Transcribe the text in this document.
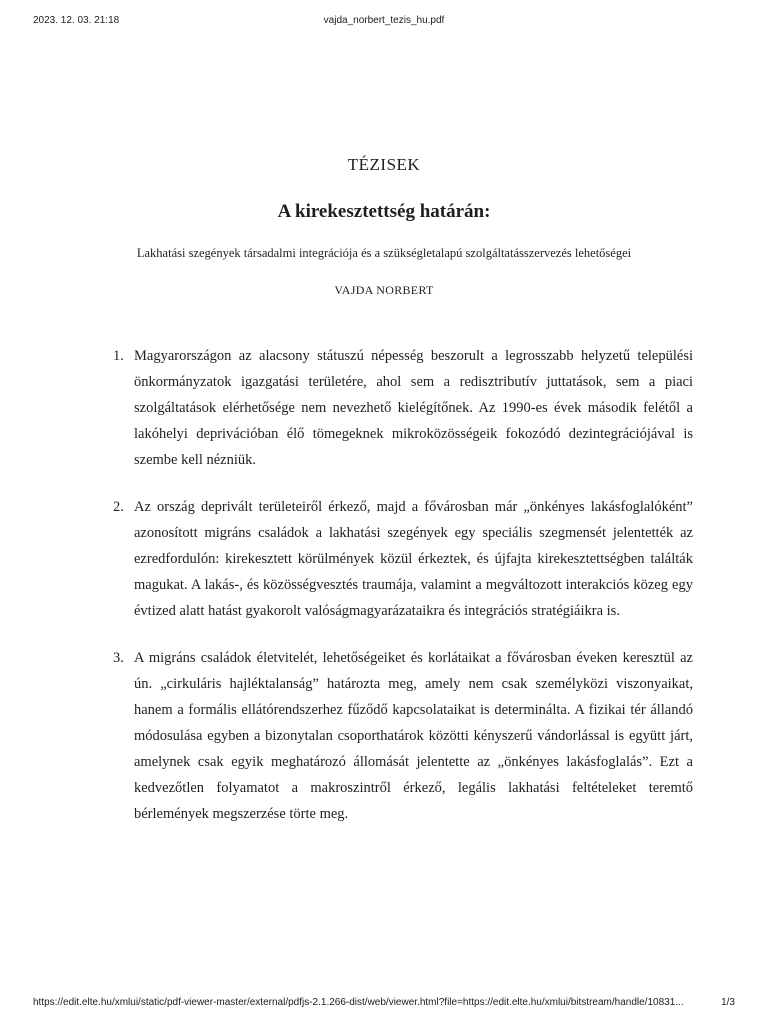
2023. 12. 03. 21:18	vajda_norbert_tezis_hu.pdf
TÉZISEK
A kirekesztettség határán:
Lakhatási szegények társadalmi integrációja és a szükségletalapú szolgáltatásszervezés lehetőségei
VAJDA NORBERT
1. Magyarországon az alacsony státuszú népesség beszorult a legrosszabb helyzetű települési önkormányzatok igazgatási területére, ahol sem a redisztributív juttatások, sem a piaci szolgáltatások elérhetősége nem nevezhető kielégítőnek. Az 1990-es évek második felétől a lakóhelyi deprivációban élő tömegeknek mikroközösségeik fokozódó dezintegrációjával is szembe kell nézniük.
2. Az ország deprivált területeiről érkező, majd a fővárosban már „önkényes lakásfoglalóként” azonosított migráns családok a lakhatási szegények egy speciális szegmensét jelentették az ezredfordulón: kirekesztett körülmények közül érkeztek, és újfajta kirekesztettségben találták magukat. A lakás-, és közösségvesztés traumája, valamint a megváltozott interakciós közeg egy évtized alatt hatást gyakorolt valóságmagyarázataikra és integrációs stratégiáikra is.
3. A migráns családok életvitelét, lehetőségeiket és korlátaikat a fővárosban éveken keresztül az ún. „cirkuláris hajléktalanság” határozta meg, amely nem csak személyközi viszonyaikat, hanem a formális ellátórendszerhez fűződő kapcsolataikat is determinálta. A fizikai tér állandó módosulása egyben a bizonytalan csoporthatárok közötti kényszerű vándorlással is együtt járt, amelynek csak egyik meghatározó állomását jelentette az „önkényes lakásfoglalás”. Ezt a kedvezőtlen folyamatot a makroszintről érkező, legális lakhatási feltételeket teremtő bérlemények megszerzése törte meg.
https://edit.elte.hu/xmlui/static/pdf-viewer-master/external/pdfjs-2.1.266-dist/web/viewer.html?file=https://edit.elte.hu/xmlui/bitstream/handle/10831...	1/3
